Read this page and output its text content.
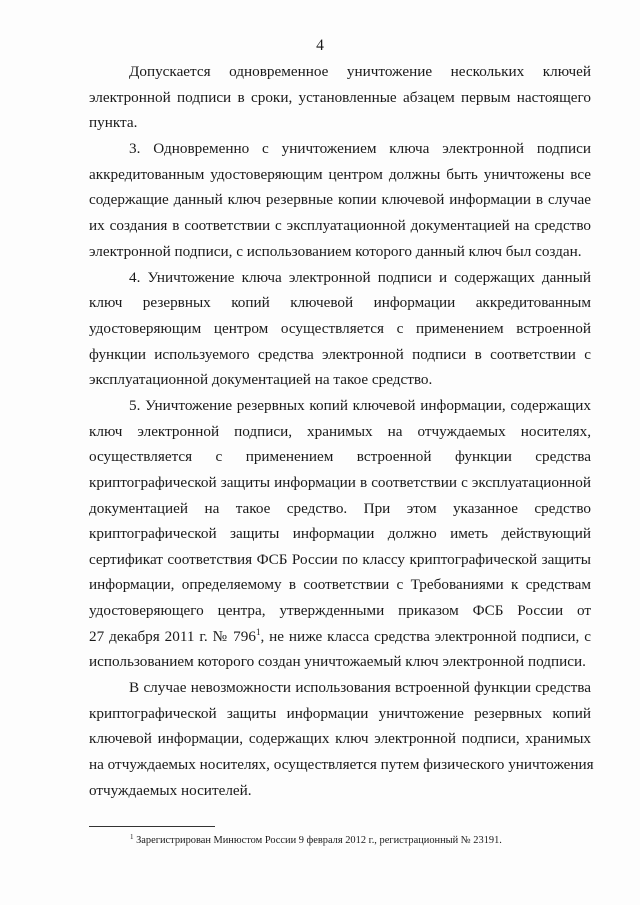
4

Допускается одновременное уничтожение нескольких ключей
электронной подписи в сроки, установленные абзацем первым настоящего
пункта.

3. Одновременно с уничтожением ключа электронной подписи
аккредитованным удостоверяющим центром должны быть уничтожены все
содержащие данный ключ резервные копии ключевой информации в случае
их создания в соответствии с эксплуатационной документацией на средство
электронной подписи, с использованием которого данный ключ был создан.

4. Уничтожение ключа электронной подписи и содержащих данный
ключ резервных копий ключевой информации аккредитованным
удостоверяющим центром осуществляется с применением встроенной
функции используемого средства электронной подписи в соответствии с
эксплуатационной документацией на такое средство.

5. Уничтожение резервных копий ключевой информации, содержащих
ключ электронной подписи, хранимых на отчуждаемых носителях,
осуществляется с применением встроенной функции средства
криптографической защиты информации в соответствии с эксплуатационной
документацией на такое средство. При этом указанное средство
криптографической защиты информации должно иметь действующий
сертификат соответствия ФСБ России по классу криптографической защиты
информации, определяемому в соответствии с Требованиями к средствам
удостоверяющего центра, утвержденными приказом ФСБ России от
27 декабря 2011 г. № $796^1$, не ниже класса средства электронной подписи, с
использованием которого создан уничтожаемый ключ электронной подписи.

В случае невозможности использования встроенной функции средства
криптографической защиты информации уничтожение резервных копий
ключевой информации, содержащих ключ электронной подписи, хранимых
на отчуждаемых носителях, осуществляется путем физического уничтожения
отчуждаемых носителей.

$^1$ Зарегистрирован Минюстом России 9 февраля 2012 г., регистрационный № 23191.
